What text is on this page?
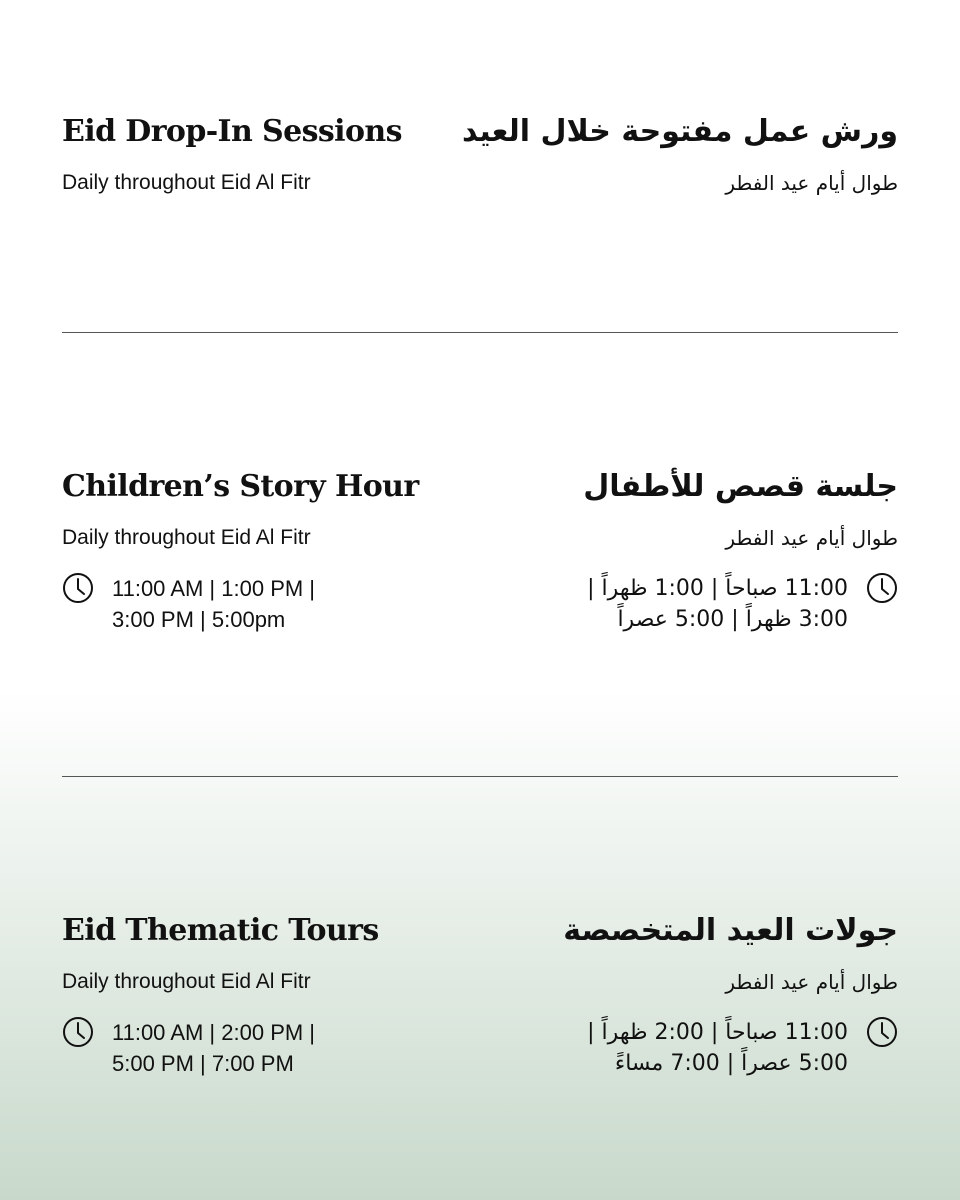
Eid Drop-In Sessions
Daily throughout Eid Al Fitr
ورش عمل مفتوحة خلال العيد
طوال أيام عيد الفطر
Children’s Story Hour
Daily throughout Eid Al Fitr
11:00 AM | 1:00 PM |
3:00 PM | 5:00pm
جلسة قصص للأطفال
طوال أيام عيد الفطر
11:00 صباحاً | 1:00 ظهراً |
3:00 ظهراً | 5:00 عصراً
Eid Thematic Tours
Daily throughout Eid Al Fitr
11:00 AM | 2:00 PM |
5:00 PM | 7:00 PM
جولات العيد المتخصصة
طوال أيام عيد الفطر
11:00 صباحاً | 2:00 ظهراً |
5:00 عصراً | 7:00 مساءً
